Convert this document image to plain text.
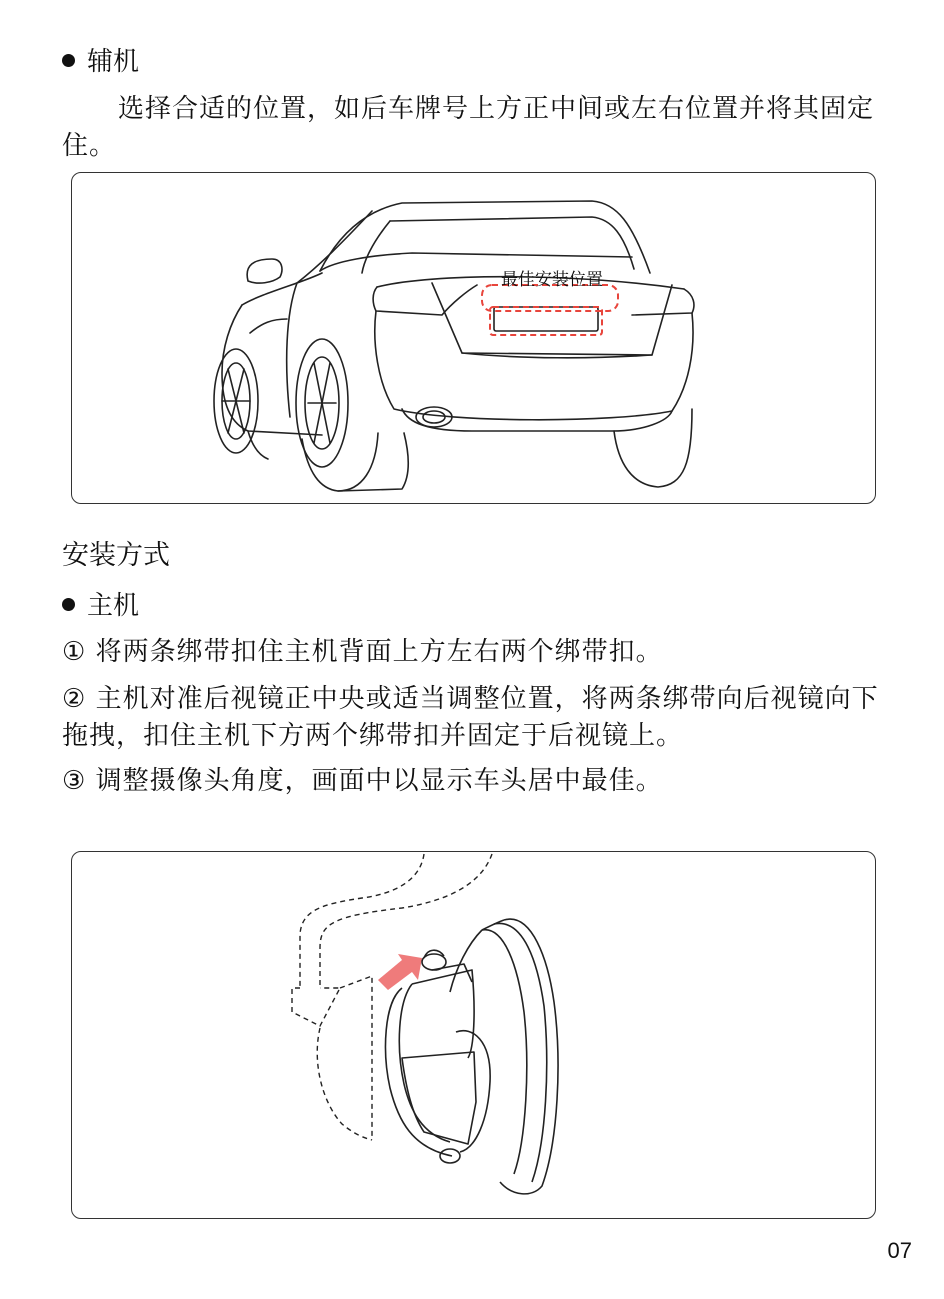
辅机
选择合适的位置，如后车牌号上方正中间或左右位置并将其固定住。
最佳安装位置
安装方式
主机
① 将两条绑带扣住主机背面上方左右两个绑带扣。
② 主机对准后视镜正中央或适当调整位置，将两条绑带向后视镜向下拖拽，扣住主机下方两个绑带扣并固定于后视镜上。
③ 调整摄像头角度，画面中以显示车头居中最佳。
07
